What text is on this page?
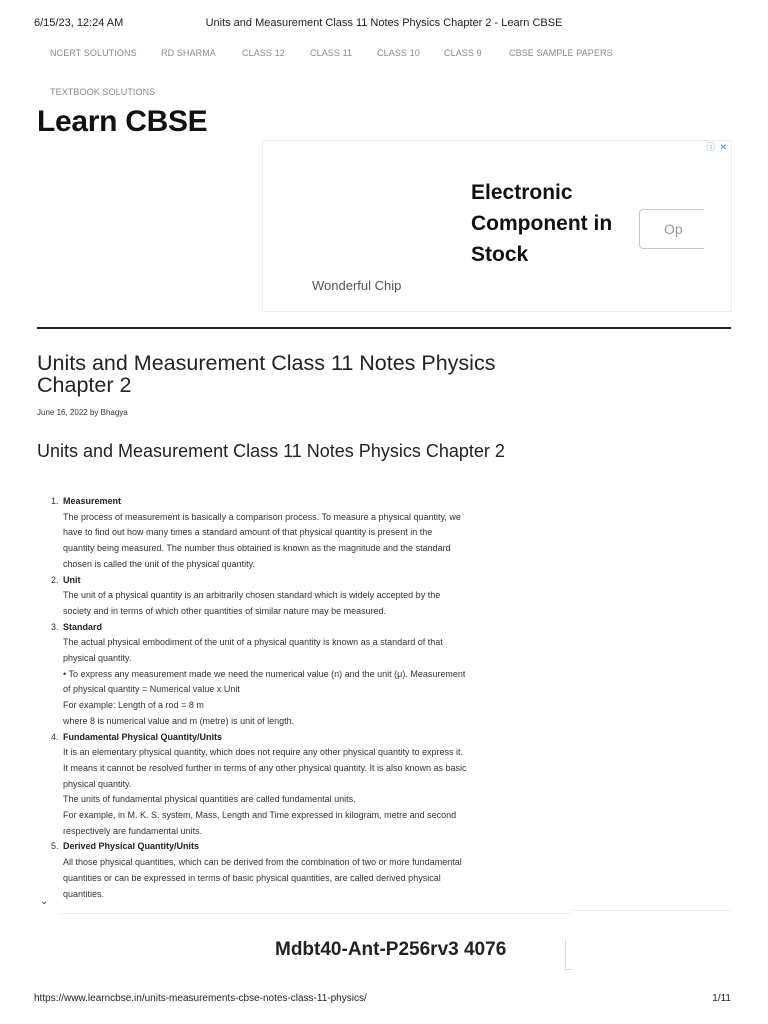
6/15/23, 12:24 AM	Units and Measurement Class 11 Notes Physics Chapter 2 - Learn CBSE
NCERT SOLUTIONS	RD SHARMA	CLASS 12	CLASS 11	CLASS 10	CLASS 9	CBSE SAMPLE PAPERS
TEXTBOOK SOLUTIONS
Learn CBSE
ⓘ ✕
Electronic Component in Stock
Op
Wonderful Chip
Units and Measurement Class 11 Notes Physics Chapter 2
June 16, 2022 by Bhagya
Units and Measurement Class 11 Notes Physics Chapter 2
1. Measurement
The process of measurement is basically a comparison process. To measure a physical quantity, we
have to find out how many times a standard amount of that physical quantity is present in the
quantity being measured. The number thus obtained is known as the magnitude and the standard
chosen is called the unit of the physical quantity.
2. Unit
The unit of a physical quantity is an arbitrarily chosen standard which is widely accepted by the
society and in terms of which other quantities of similar nature may be measured.
3. Standard
The actual physical embodiment of the unit of a physical quantity is known as a standard of that
physical quantity.
• To express any measurement made we need the numerical value (n) and the unit (μ). Measurement
of physical quantity = Numerical value x Unit
For example: Length of a rod = 8 m
where 8 is numerical value and m (metre) is unit of length.
4. Fundamental Physical Quantity/Units
It is an elementary physical quantity, which does not require any other physical quantity to express it.
It means it cannot be resolved further in terms of any other physical quantity. It is also known as basic
physical quantity.
The units of fundamental physical quantities are called fundamental units.
For example, in M. K. S. system, Mass, Length and Time expressed in kilogram, metre and second
respectively are fundamental units.
5. Derived Physical Quantity/Units
All those physical quantities, which can be derived from the combination of two or more fundamental
quantities or can be expressed in terms of basic physical quantities, are called derived physical
quantities.
⌄
Mdbt40-Ant-P256rv3 4076
https://www.learncbse.in/units-measurements-cbse-notes-class-11-physics/	1/11
